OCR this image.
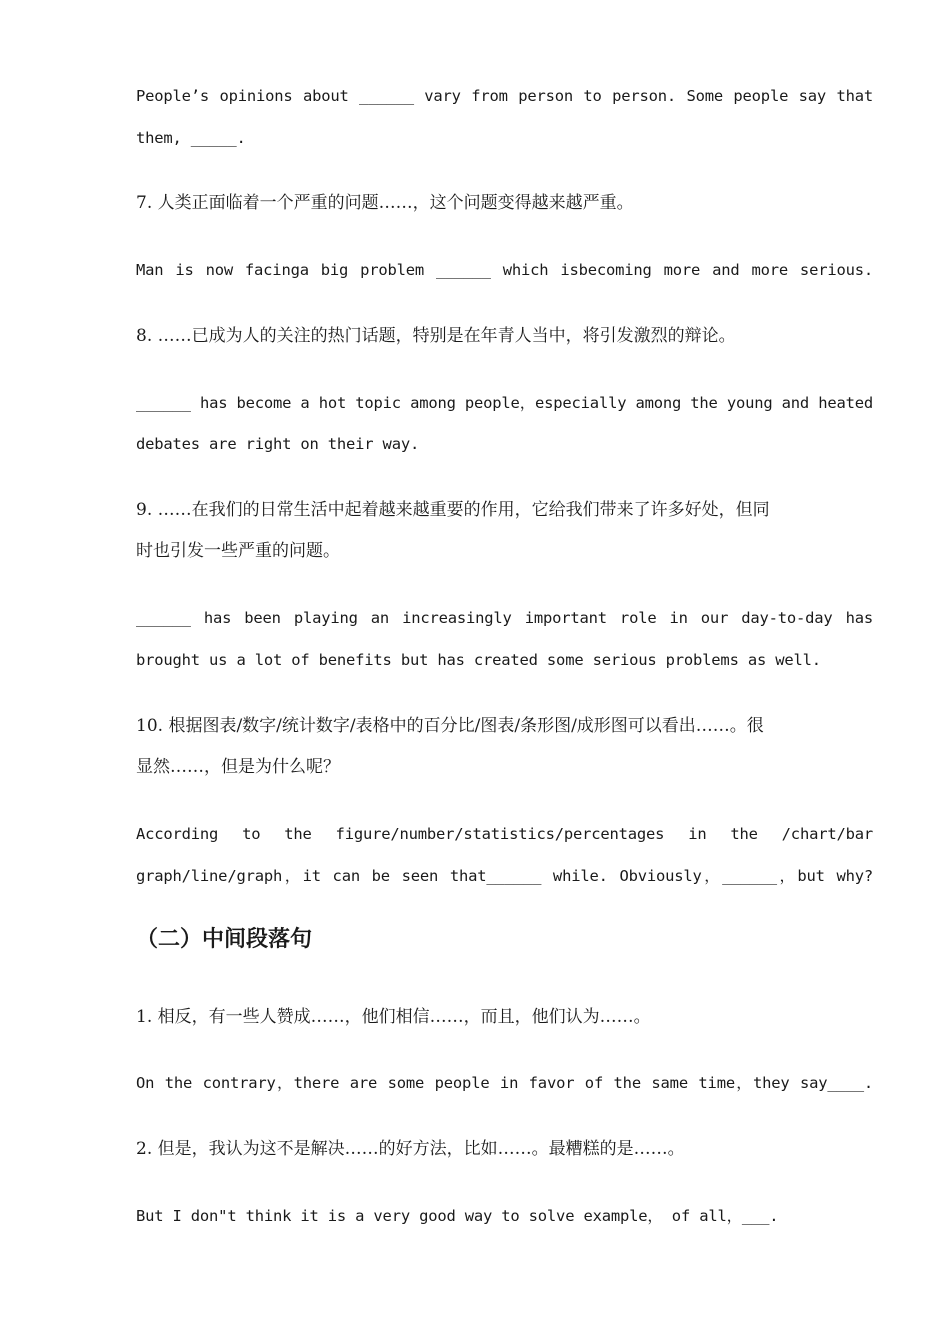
People’s opinions about ______ vary from person to person. Some people say that
them, _____.
7. 人类正面临着一个严重的问题……，这个问题变得越来越严重。
Man is now facinga big problem ______ which isbecoming more and more serious.
8. ……已成为人的关注的热门话题，特别是在年青人当中，将引发激烈的辩论。
______ has become a hot topic among people，especially among the young and heated
debates are right on their way.
9. ……在我们的日常生活中起着越来越重要的作用，它给我们带来了许多好处，但同
时也引发一些严重的问题。
______ has been playing an increasingly important role in our day-to-day has
brought us a lot of benefits but has created some serious problems as well.
10. 根据图表/数字/统计数字/表格中的百分比/图表/条形图/成形图可以看出……。很
显然……，但是为什么呢？
According to the figure/number/statistics/percentages in the /chart/bar
graph/line/graph，it can be seen that______ while. Obviously，______，but why?
（二）中间段落句
1. 相反，有一些人赞成……，他们相信……，而且，他们认为……。
On the contrary，there are some people in favor of the same time，they say____.
2. 但是，我认为这不是解决……的好方法，比如……。最糟糕的是……。
But I don"t think it is a very good way to solve example， of all，___.
